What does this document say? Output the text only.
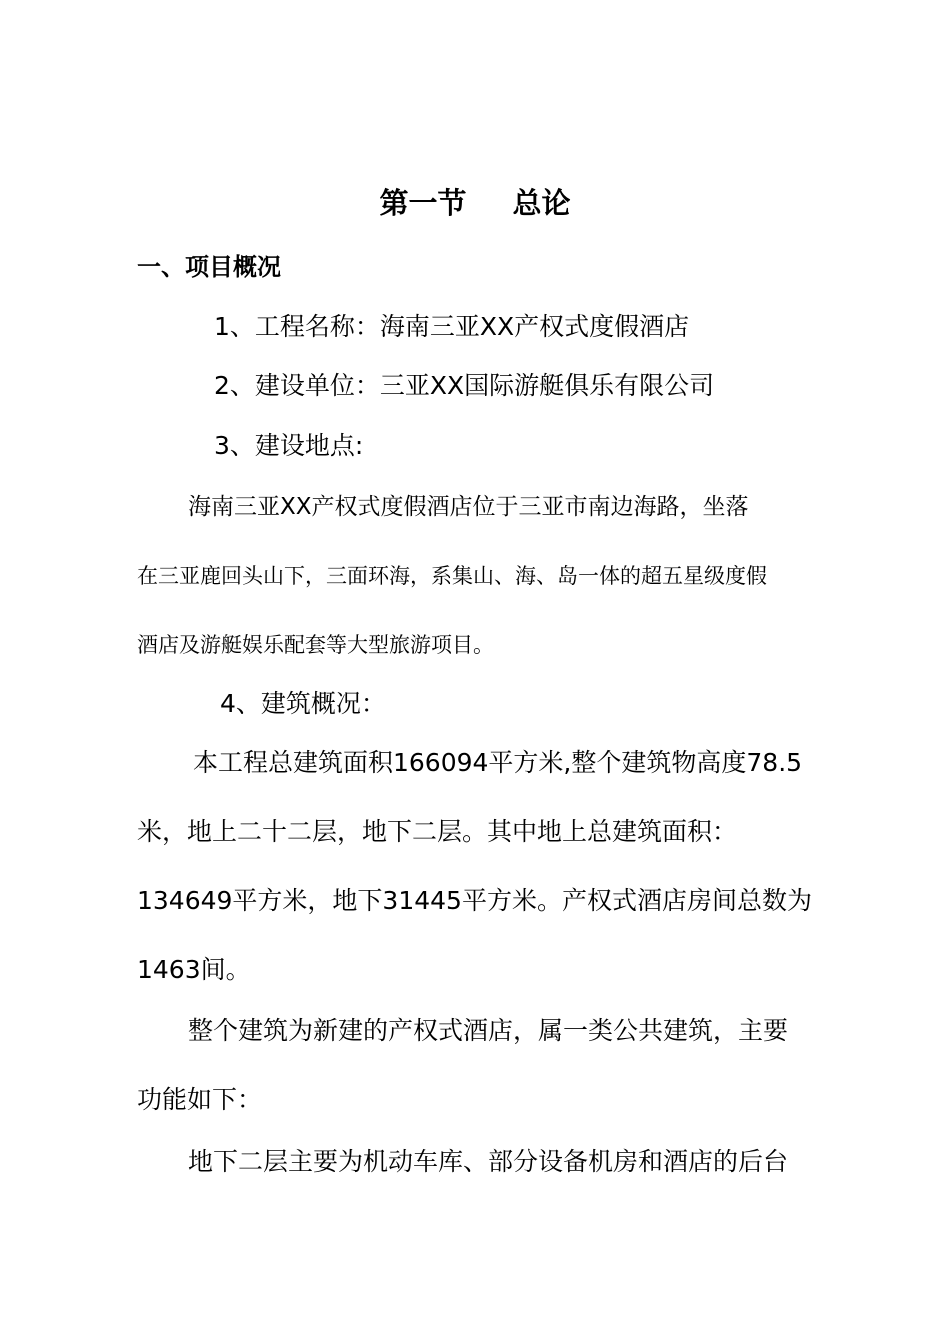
第一节 总论
一、项目概况
1、工程名称：海南三亚XX产权式度假酒店
2、建设单位：三亚XX国际游艇俱乐有限公司
3、建设地点:
海南三亚XX产权式度假酒店位于三亚市南边海路，坐落
在三亚鹿回头山下，三面环海，系集山、海、岛一体的超五星级度假
酒店及游艇娱乐配套等大型旅游项目。
4、建筑概况：
本工程总建筑面积166094平方米,整个建筑物高度78.5
米，地上二十二层，地下二层。其中地上总建筑面积：
134649平方米，地下31445平方米。产权式酒店房间总数为
1463间。
整个建筑为新建的产权式酒店，属一类公共建筑，主要
功能如下：
地下二层主要为机动车库、部分设备机房和酒店的后台
